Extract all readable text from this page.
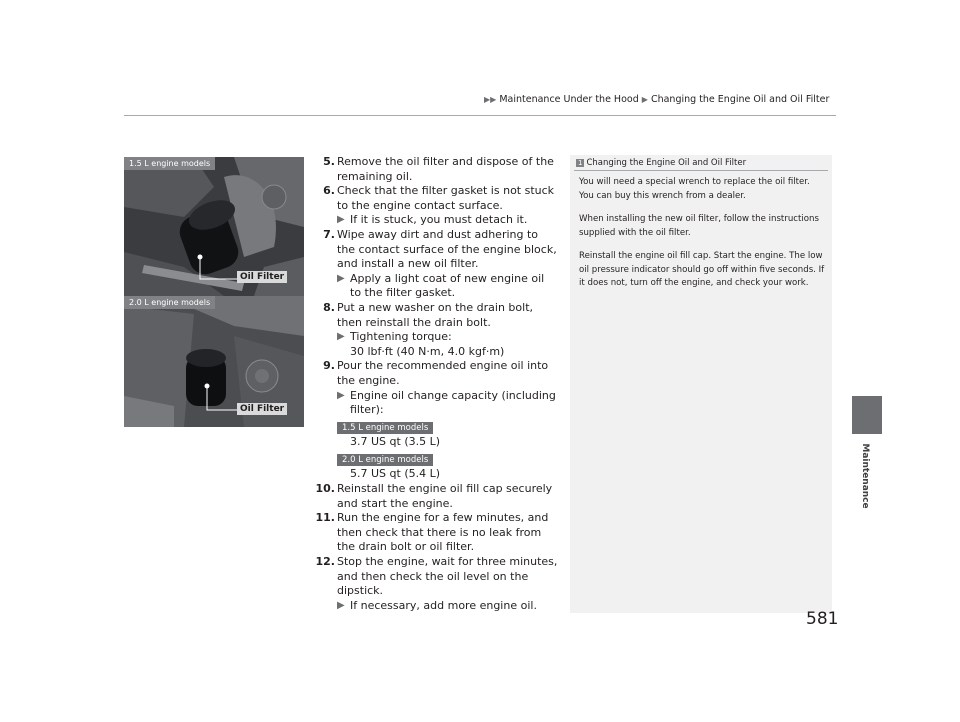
▶▶ Maintenance Under the Hood ▶ Changing the Engine Oil and Oil Filter
Maintenance
1.5 L engine models
Oil Filter
2.0 L engine models
Oil Filter
5. Remove the oil filter and dispose of the remaining oil.
6. Check that the filter gasket is not stuck to the engine contact surface.
▶ If it is stuck, you must detach it.
7. Wipe away dirt and dust adhering to the contact surface of the engine block, and install a new oil filter.
▶ Apply a light coat of new engine oil to the filter gasket.
8. Put a new washer on the drain bolt, then reinstall the drain bolt.
▶ Tightening torque:
30 lbf·ft (40 N·m, 4.0 kgf·m)
9. Pour the recommended engine oil into the engine.
▶ Engine oil change capacity (including filter):
1.5 L engine models
3.7 US qt (3.5 L)
2.0 L engine models
5.7 US qt (5.4 L)
10. Reinstall the engine oil fill cap securely and start the engine.
11. Run the engine for a few minutes, and then check that there is no leak from the drain bolt or oil filter.
12. Stop the engine, wait for three minutes, and then check the oil level on the dipstick.
▶ If necessary, add more engine oil.
1 Changing the Engine Oil and Oil Filter

You will need a special wrench to replace the oil filter. You can buy this wrench from a dealer.

When installing the new oil filter, follow the instructions supplied with the oil filter.

Reinstall the engine oil fill cap. Start the engine. The low oil pressure indicator should go off within five seconds. If it does not, turn off the engine, and check your work.

581
